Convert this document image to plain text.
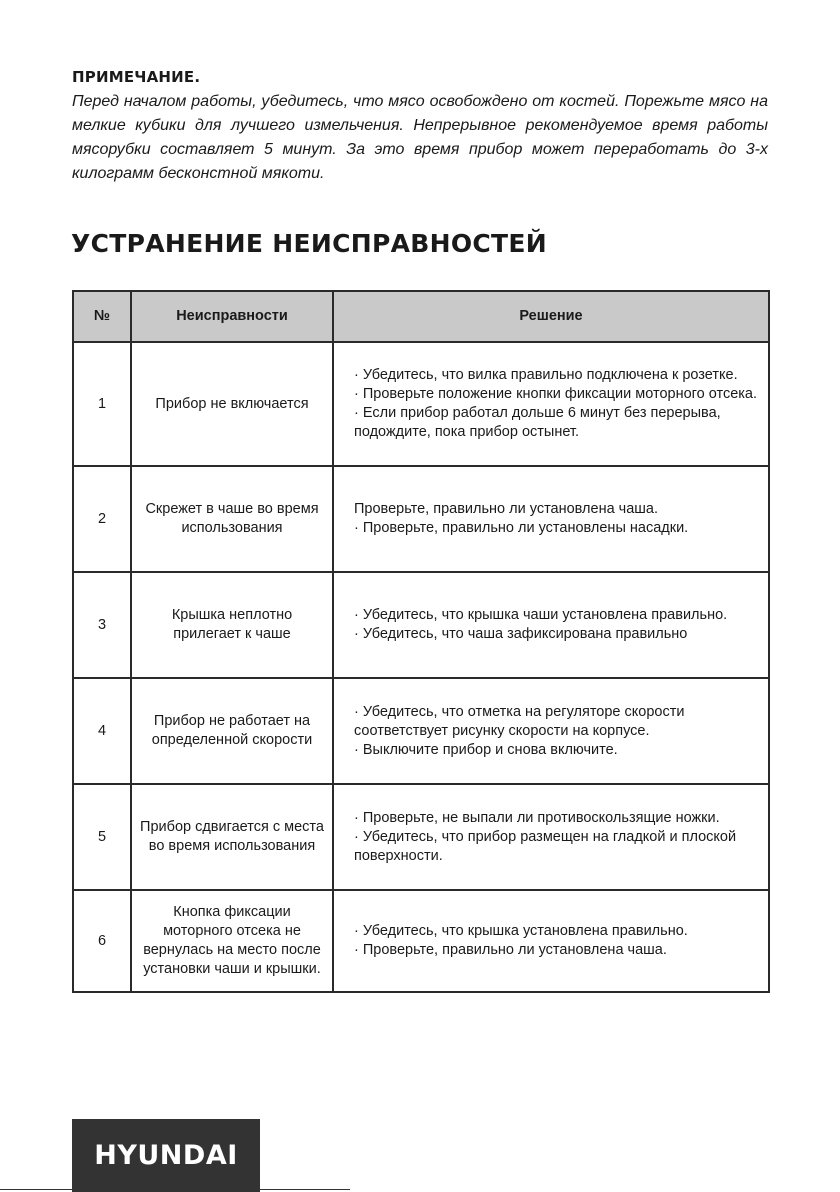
ПРИМЕЧАНИЕ.

Перед началом работы, убедитесь, что мясо освобождено от костей. Порежьте мясо на мелкие кубики для лучшего измельчения. Непрерывное рекомендуемое время работы мясорубки составляет 5 минут. За это время прибор может переработать до 3-х килограмм бесконстной мякоти.

УСТРАНЕНИЕ НЕИСПРАВНОСТЕЙ
№	Неисправности	Решение
1	Прибор не включается	· Убедитесь, что вилка правильно подключена к розетке.
· Проверьте положение кнопки фиксации моторного отсека.
· Если прибор работал дольше 6 минут без перерыва, подождите, пока прибор остынет.

2	Скрежет в чаше во время использования	Проверьте, правильно ли установлена чаша.
· Проверьте, правильно ли установлены насадки.

3	Крышка неплотно прилегает к чаше	· Убедитесь, что крышка чаши установлена правильно.
· Убедитесь, что чаша зафиксирована правильно

4	Прибор не работает на определенной скорости	· Убедитесь, что отметка на регуляторе скорости соответствует рисунку скорости на корпусе.
· Выключите прибор и снова включите.

5	Прибор сдвигается с места во время использования	· Проверьте, не выпали ли противоскользящие ножки.
· Убедитесь, что прибор размещен на гладкой и плоской поверхности.

6	Кнопка фиксации моторного отсека не вернулась на место после установки чаши и крышки.	· Убедитесь, что крышка установлена правильно.
· Проверьте, правильно ли установлена чаша.
HYUNDAI
